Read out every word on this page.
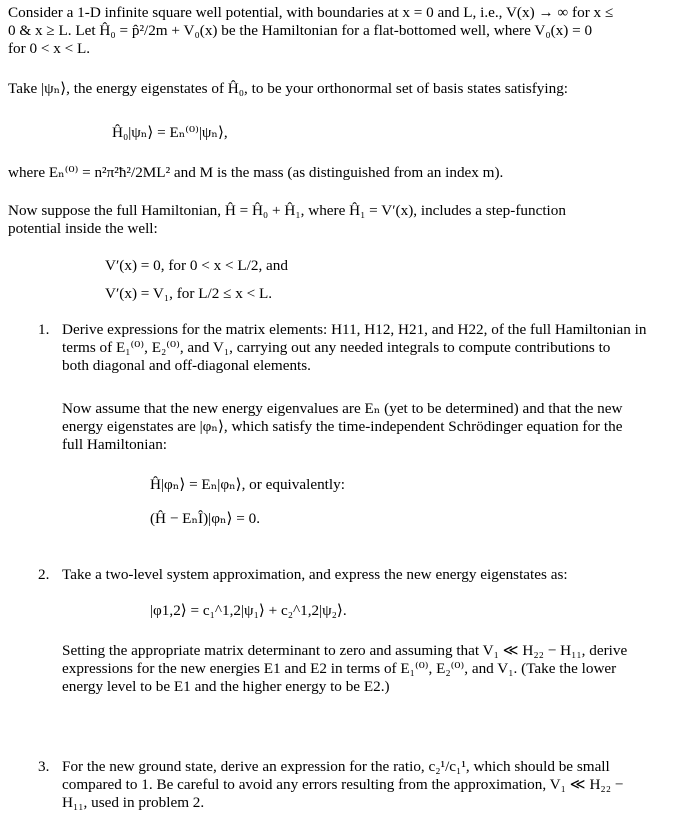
Consider a 1-D infinite square well potential, with boundaries at x = 0 and L, i.e., V(x) → ∞ for x ≤
0 & x ≥ L. Let Ĥ₀ = p̂²/2m + V₀(x) be the Hamiltonian for a flat-bottomed well, where V₀(x) = 0
for 0 < x < L.

Take |ψₙ⟩, the energy eigenstates of Ĥ₀, to be your orthonormal set of basis states satisfying:

Ĥ₀|ψₙ⟩ = Eₙ⁽⁰⁾|ψₙ⟩,

where Eₙ⁽⁰⁾ = n²π²ħ²/2ML² and M is the mass (as distinguished from an index m).

Now suppose the full Hamiltonian, Ĥ = Ĥ₀ + Ĥ₁, where Ĥ₁ = V′(x), includes a step-function
potential inside the well:

V′(x) = 0, for 0 < x < L/2, and

V′(x) = V₁, for L/2 ≤ x < L.

1. Derive expressions for the matrix elements: H11, H12, H21, and H22, of the full Hamiltonian in
terms of E₁⁽⁰⁾, E₂⁽⁰⁾, and V₁, carrying out any needed integrals to compute contributions to
both diagonal and off-diagonal elements.

Now assume that the new energy eigenvalues are Eₙ (yet to be determined) and that the new
energy eigenstates are |φₙ⟩, which satisfy the time-independent Schrödinger equation for the
full Hamiltonian:

Ĥ|φₙ⟩ = Eₙ|φₙ⟩, or equivalently:

(Ĥ − EₙÎ)|φₙ⟩ = 0.

2. Take a two-level system approximation, and express the new energy eigenstates as:

|φ1,2⟩ = c₁^1,2|ψ₁⟩ + c₂^1,2|ψ₂⟩.

Setting the appropriate matrix determinant to zero and assuming that V₁ ≪ H₂₂ − H₁₁, derive
expressions for the new energies E1 and E2 in terms of E₁⁽⁰⁾, E₂⁽⁰⁾, and V₁. (Take the lower
energy level to be E1 and the higher energy to be E2.)

3. For the new ground state, derive an expression for the ratio, c₂¹/c₁¹, which should be small
compared to 1. Be careful to avoid any errors resulting from the approximation, V₁ ≪ H₂₂ −
H₁₁, used in problem 2.
